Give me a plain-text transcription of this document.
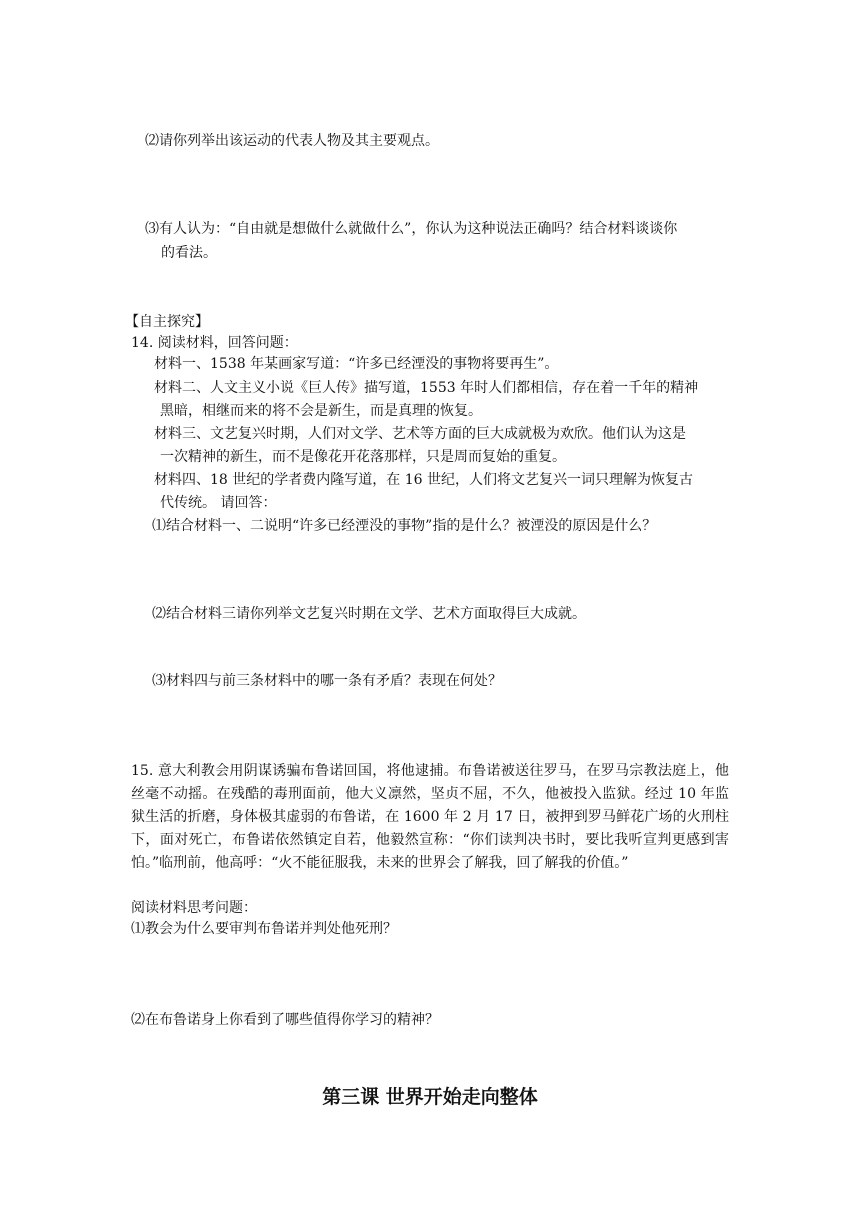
⑵请你列举出该运动的代表人物及其主要观点。
⑶有人认为：“自由就是想做什么就做什么”，你认为这种说法正确吗？结合材料谈谈你
的看法。
【自主探究】
14. 阅读材料，回答问题：
材料一、1538 年某画家写道：“许多已经湮没的事物将要再生”。
材料二、人文主义小说《巨人传》描写道，1553 年时人们都相信，存在着一千年的精神
黑暗，相继而来的将不会是新生，而是真理的恢复。
材料三、文艺复兴时期，人们对文学、艺术等方面的巨大成就极为欢欣。他们认为这是
一次精神的新生，而不是像花开花落那样，只是周而复始的重复。
材料四、18 世纪的学者费内隆写道，在 16 世纪，人们将文艺复兴一词只理解为恢复古
代传统。 请回答：
⑴结合材料一、二说明“许多已经湮没的事物”指的是什么？被湮没的原因是什么？
⑵结合材料三请你列举文艺复兴时期在文学、艺术方面取得巨大成就。
⑶材料四与前三条材料中的哪一条有矛盾？表现在何处？
15. 意大利教会用阴谋诱骗布鲁诺回国，将他逮捕。布鲁诺被送往罗马，在罗马宗教法庭上，他丝毫不动摇。在残酷的毒刑面前，他大义凛然，坚贞不屈，不久，他被投入监狱。经过 10 年监狱生活的折磨，身体极其虚弱的布鲁诺，在 1600 年 2 月 17 日，被押到罗马鲜花广场的火刑柱下，面对死亡，布鲁诺依然镇定自若，他毅然宣称：“你们读判决书时，要比我听宣判更感到害怕。”临刑前，他高呼：“火不能征服我，未来的世界会了解我，回了解我的价值。”
阅读材料思考问题：
⑴教会为什么要审判布鲁诺并判处他死刑？
⑵在布鲁诺身上你看到了哪些值得你学习的精神？
第三课 世界开始走向整体
